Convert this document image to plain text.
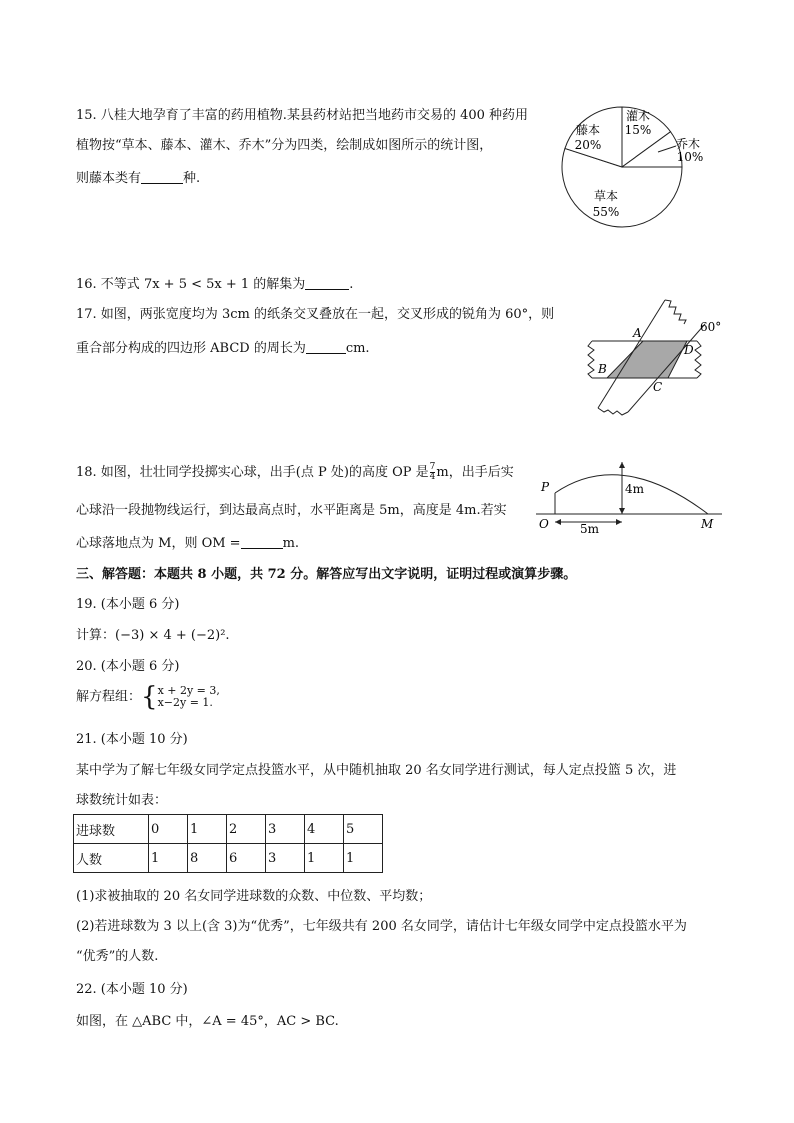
15. 八桂大地孕育了丰富的药用植物.某县药材站把当地药市交易的 400 种药用
植物按“草本、藤本、灌木、乔木”分为四类，绘制成如图所示的统计图，
则藤本类有	种.
灌木
15%
乔木
10%
草本
55%
藤本
20%
16. 不等式 7x + 5 < 5x + 1 的解集为	.
17. 如图，两张宽度均为 3cm 的纸条交叉叠放在一起，交叉形成的锐角为 60°，则
重合部分构成的四边形 ABCD 的周长为	cm.
A
B
C
D
60°
18. 如图，壮壮同学投掷实心球，出手(点 P 处)的高度 OP 是 $\frac{7}{4}$ m，出手后实
心球沿一段抛物线运行，到达最高点时，水平距离是 5m，高度是 4m.若实
心球落地点为 M，则 OM =	m.
P
O	M
4m
5m
三、解答题：本题共 8 小题，共 72 分。解答应写出文字说明，证明过程或演算步骤。
19. (本小题 6 分)
计算：(−3) × 4 + (−2)².
20. (本小题 6 分)
解方程组：{ x + 2y = 3,
x−2y = 1.
21. (本小题 10 分)
某中学为了解七年级女同学定点投篮水平，从中随机抽取 20 名女同学进行测试，每人定点投篮 5 次，进
球数统计如表：
进球数	0	1	2	3	4	5
人数	1	8	6	3	1	1
(1)求被抽取的 20 名女同学进球数的众数、中位数、平均数；
(2)若进球数为 3 以上(含 3)为“优秀”，七年级共有 200 名女同学，请估计七年级女同学中定点投篮水平为
“优秀”的人数.
22. (本小题 10 分)
如图，在 △ABC 中，∠A = 45°，AC > BC.
